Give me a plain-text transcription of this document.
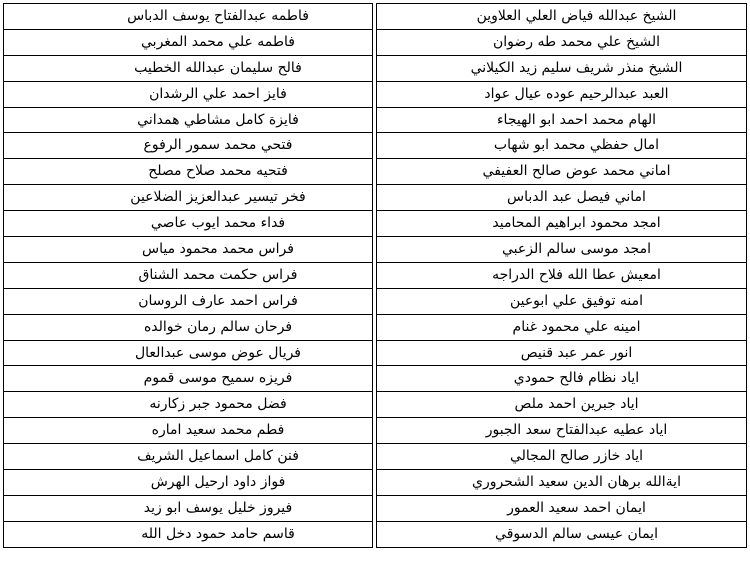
الشيخ عبدالله فياض العلي العلاوين
الشيخ علي محمد طه رضوان
الشيخ منذر شريف سليم زيد الكيلاني
العبد عبدالرحيم عوده عيال عواد
الهام محمد احمد ابو الهيجاء
امال حفظي محمد ابو شهاب
اماني محمد عوض صالح العفيفي
اماني فيصل عبد الدباس
امجد محمود ابراهيم المحاميد
امجد موسى سالم الزعبي
امعيش عطا الله فلاح الدراجه
امنه توفيق علي ابوعين
امينه علي محمود غنام
انور عمر عبد قنيص
اياد نظام فالح حمودي
اياد جبرين احمد ملص
اياد عطيه عبدالفتاح سعد الجبور
اياد خازر صالح المجالي
ايةالله برهان الدين سعيد الشحروري
ايمان احمد سعيد العمور
ايمان عيسى سالم الدسوقي
فاطمه عبدالفتاح يوسف الدباس
فاطمه علي محمد المغربي
فالح سليمان عبدالله الخطيب
فايز احمد علي الرشدان
فايزة كامل مشاطي همداني
فتحي محمد سمور الرفوع
فتحيه محمد صلاح مصلح
فخر تيسير عبدالعزيز الضلاعين
فداء محمد ايوب عاصي
فراس محمد محمود مياس
فراس حكمت محمد الشناق
فراس احمد عارف الروسان
فرحان سالم رمان خوالده
فريال عوض موسى عبدالعال
فريزه سميح موسى قموم
فضل محمود جبر زكارنه
فطم محمد سعيد اماره
فنن كامل اسماعيل الشريف
فواز داود ارحيل الهرش
فيروز خليل يوسف ابو زيد
قاسم حامد حمود دخل الله
